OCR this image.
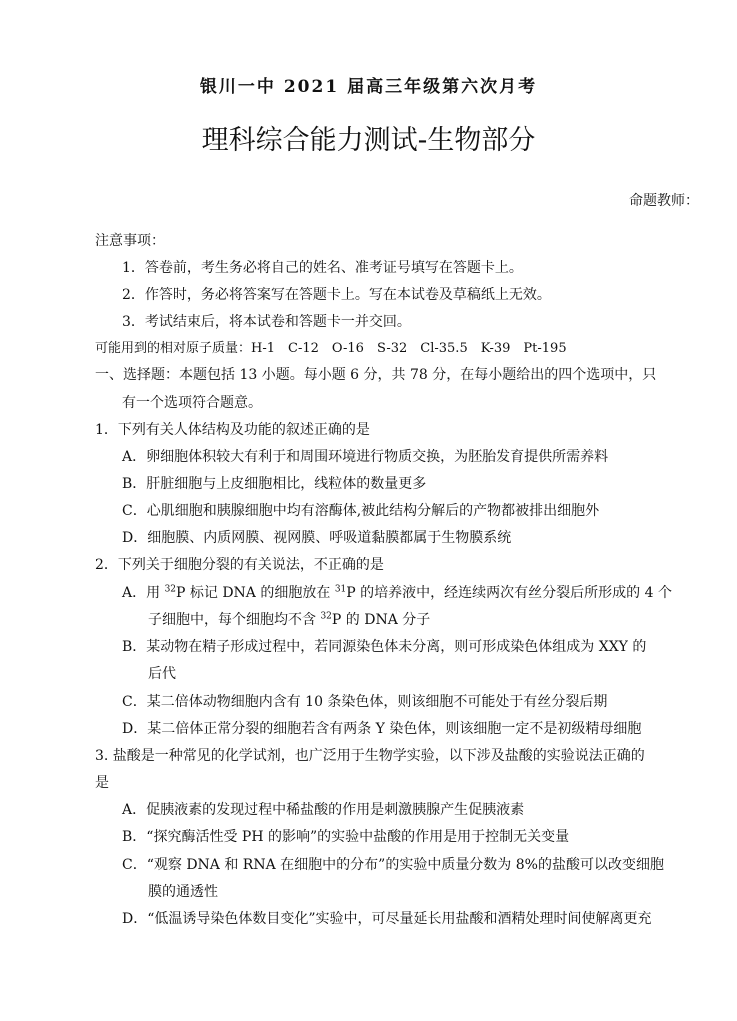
银川一中 2021 届高三年级第六次月考
理科综合能力测试-生物部分
命题教师：
注意事项：
1．答卷前，考生务必将自己的姓名、准考证号填写在答题卡上。
2．作答时，务必将答案写在答题卡上。写在本试卷及草稿纸上无效。
3．考试结束后，将本试卷和答题卡一并交回。
可能用到的相对原子质量：H-1　C-12　O-16　S-32　Cl-35.5　K-39　Pt-195
一、选择题：本题包括 13 小题。每小题 6 分，共 78 分，在每小题给出的四个选项中，只
有一个选项符合题意。
1．下列有关人体结构及功能的叙述正确的是
A．卵细胞体积较大有利于和周围环境进行物质交换，为胚胎发育提供所需养料
B．肝脏细胞与上皮细胞相比，线粒体的数量更多
C．心肌细胞和胰腺细胞中均有溶酶体,被此结构分解后的产物都被排出细胞外
D．细胞膜、内质网膜、视网膜、呼吸道黏膜都属于生物膜系统
2．下列关于细胞分裂的有关说法，不正确的是
A．用 $^{32}$P 标记 DNA 的细胞放在 $^{31}$P 的培养液中，经连续两次有丝分裂后所形成的 4 个
子细胞中，每个细胞均不含 $^{32}$P 的 DNA 分子
B．某动物在精子形成过程中，若同源染色体未分离，则可形成染色体组成为 XXY 的
后代
C．某二倍体动物细胞内含有 10 条染色体，则该细胞不可能处于有丝分裂后期
D．某二倍体正常分裂的细胞若含有两条 Y 染色体，则该细胞一定不是初级精母细胞
3. 盐酸是一种常见的化学试剂，也广泛用于生物学实验，以下涉及盐酸的实验说法正确的
是
A．促胰液素的发现过程中稀盐酸的作用是刺激胰腺产生促胰液素
B．“探究酶活性受 PH 的影响”的实验中盐酸的作用是用于控制无关变量
C．“观察 DNA 和 RNA 在细胞中的分布”的实验中质量分数为 8%的盐酸可以改变细胞
膜的通透性
D．“低温诱导染色体数目变化”实验中，可尽量延长用盐酸和酒精处理时间使解离更充
